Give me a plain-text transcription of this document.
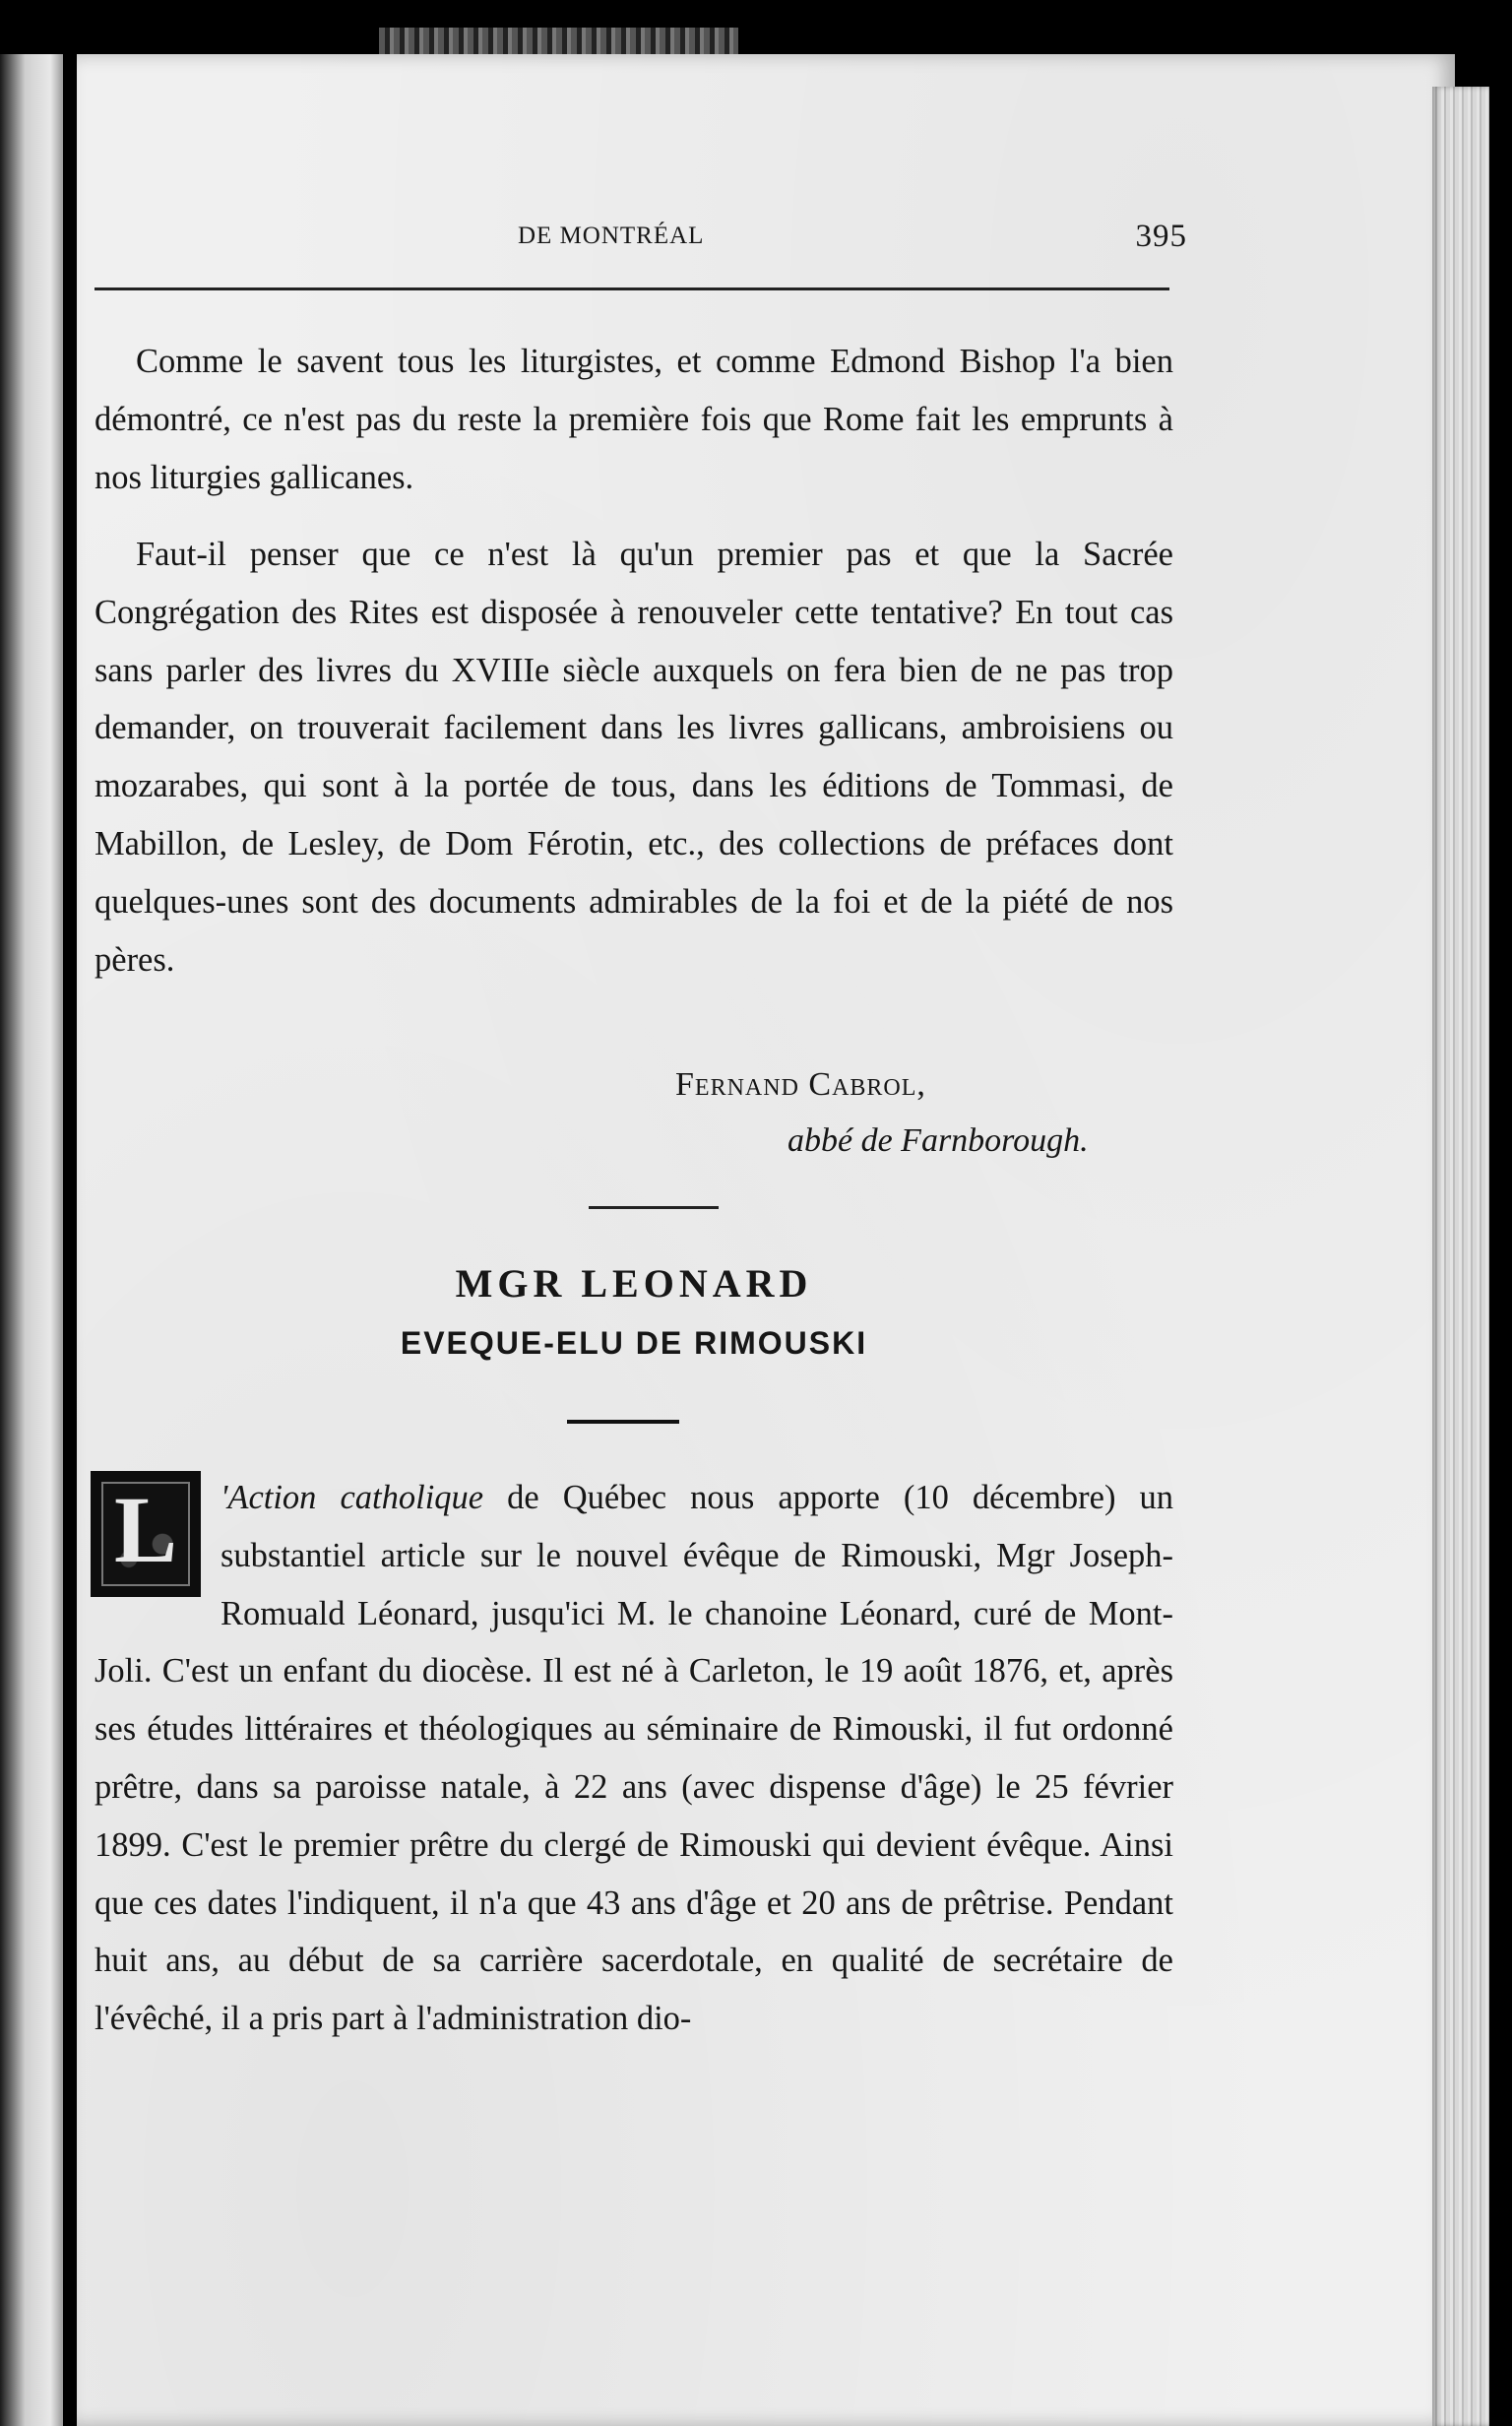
DE MONTRÉAL	395
Comme le savent tous les liturgistes, et comme Edmond Bishop l'a bien démontré, ce n'est pas du reste la première fois que Rome fait les emprunts à nos liturgies gallicanes.
Faut-il penser que ce n'est là qu'un premier pas et que la Sacrée Congrégation des Rites est disposée à renouveler cette tentative? En tout cas sans parler des livres du XVIIIe siècle auxquels on fera bien de ne pas trop demander, on trouverait facilement dans les livres gallicans, ambroisiens ou mozarabes, qui sont à la portée de tous, dans les éditions de Tommasi, de Mabillon, de Lesley, de Dom Férotin, etc., des collections de préfaces dont quelques-unes sont des documents admirables de la foi et de la piété de nos pères.
Fernand Cabrol,
abbé de Farnborough.
MGR LEONARD
EVEQUE-ELU DE RIMOUSKI
'Action catholique de Québec nous apporte (10 décembre) un substantiel article sur le nouvel évêque de Rimouski, Mgr Joseph-Romuald Léonard, jusqu'ici M. le chanoine Léonard, curé de Mont-Joli. C'est un enfant du diocèse. Il est né à Carleton, le 19 août 1876, et, après ses études littéraires et théologiques au séminaire de Rimouski, il fut ordonné prêtre, dans sa paroisse natale, à 22 ans (avec dispense d'âge) le 25 février 1899. C'est le premier prêtre du clergé de Rimouski qui devient évêque. Ainsi que ces dates l'indiquent, il n'a que 43 ans d'âge et 20 ans de prêtrise. Pendant huit ans, au début de sa carrière sacerdotale, en qualité de secrétaire de l'évêché, il a pris part à l'administration dio-
L
